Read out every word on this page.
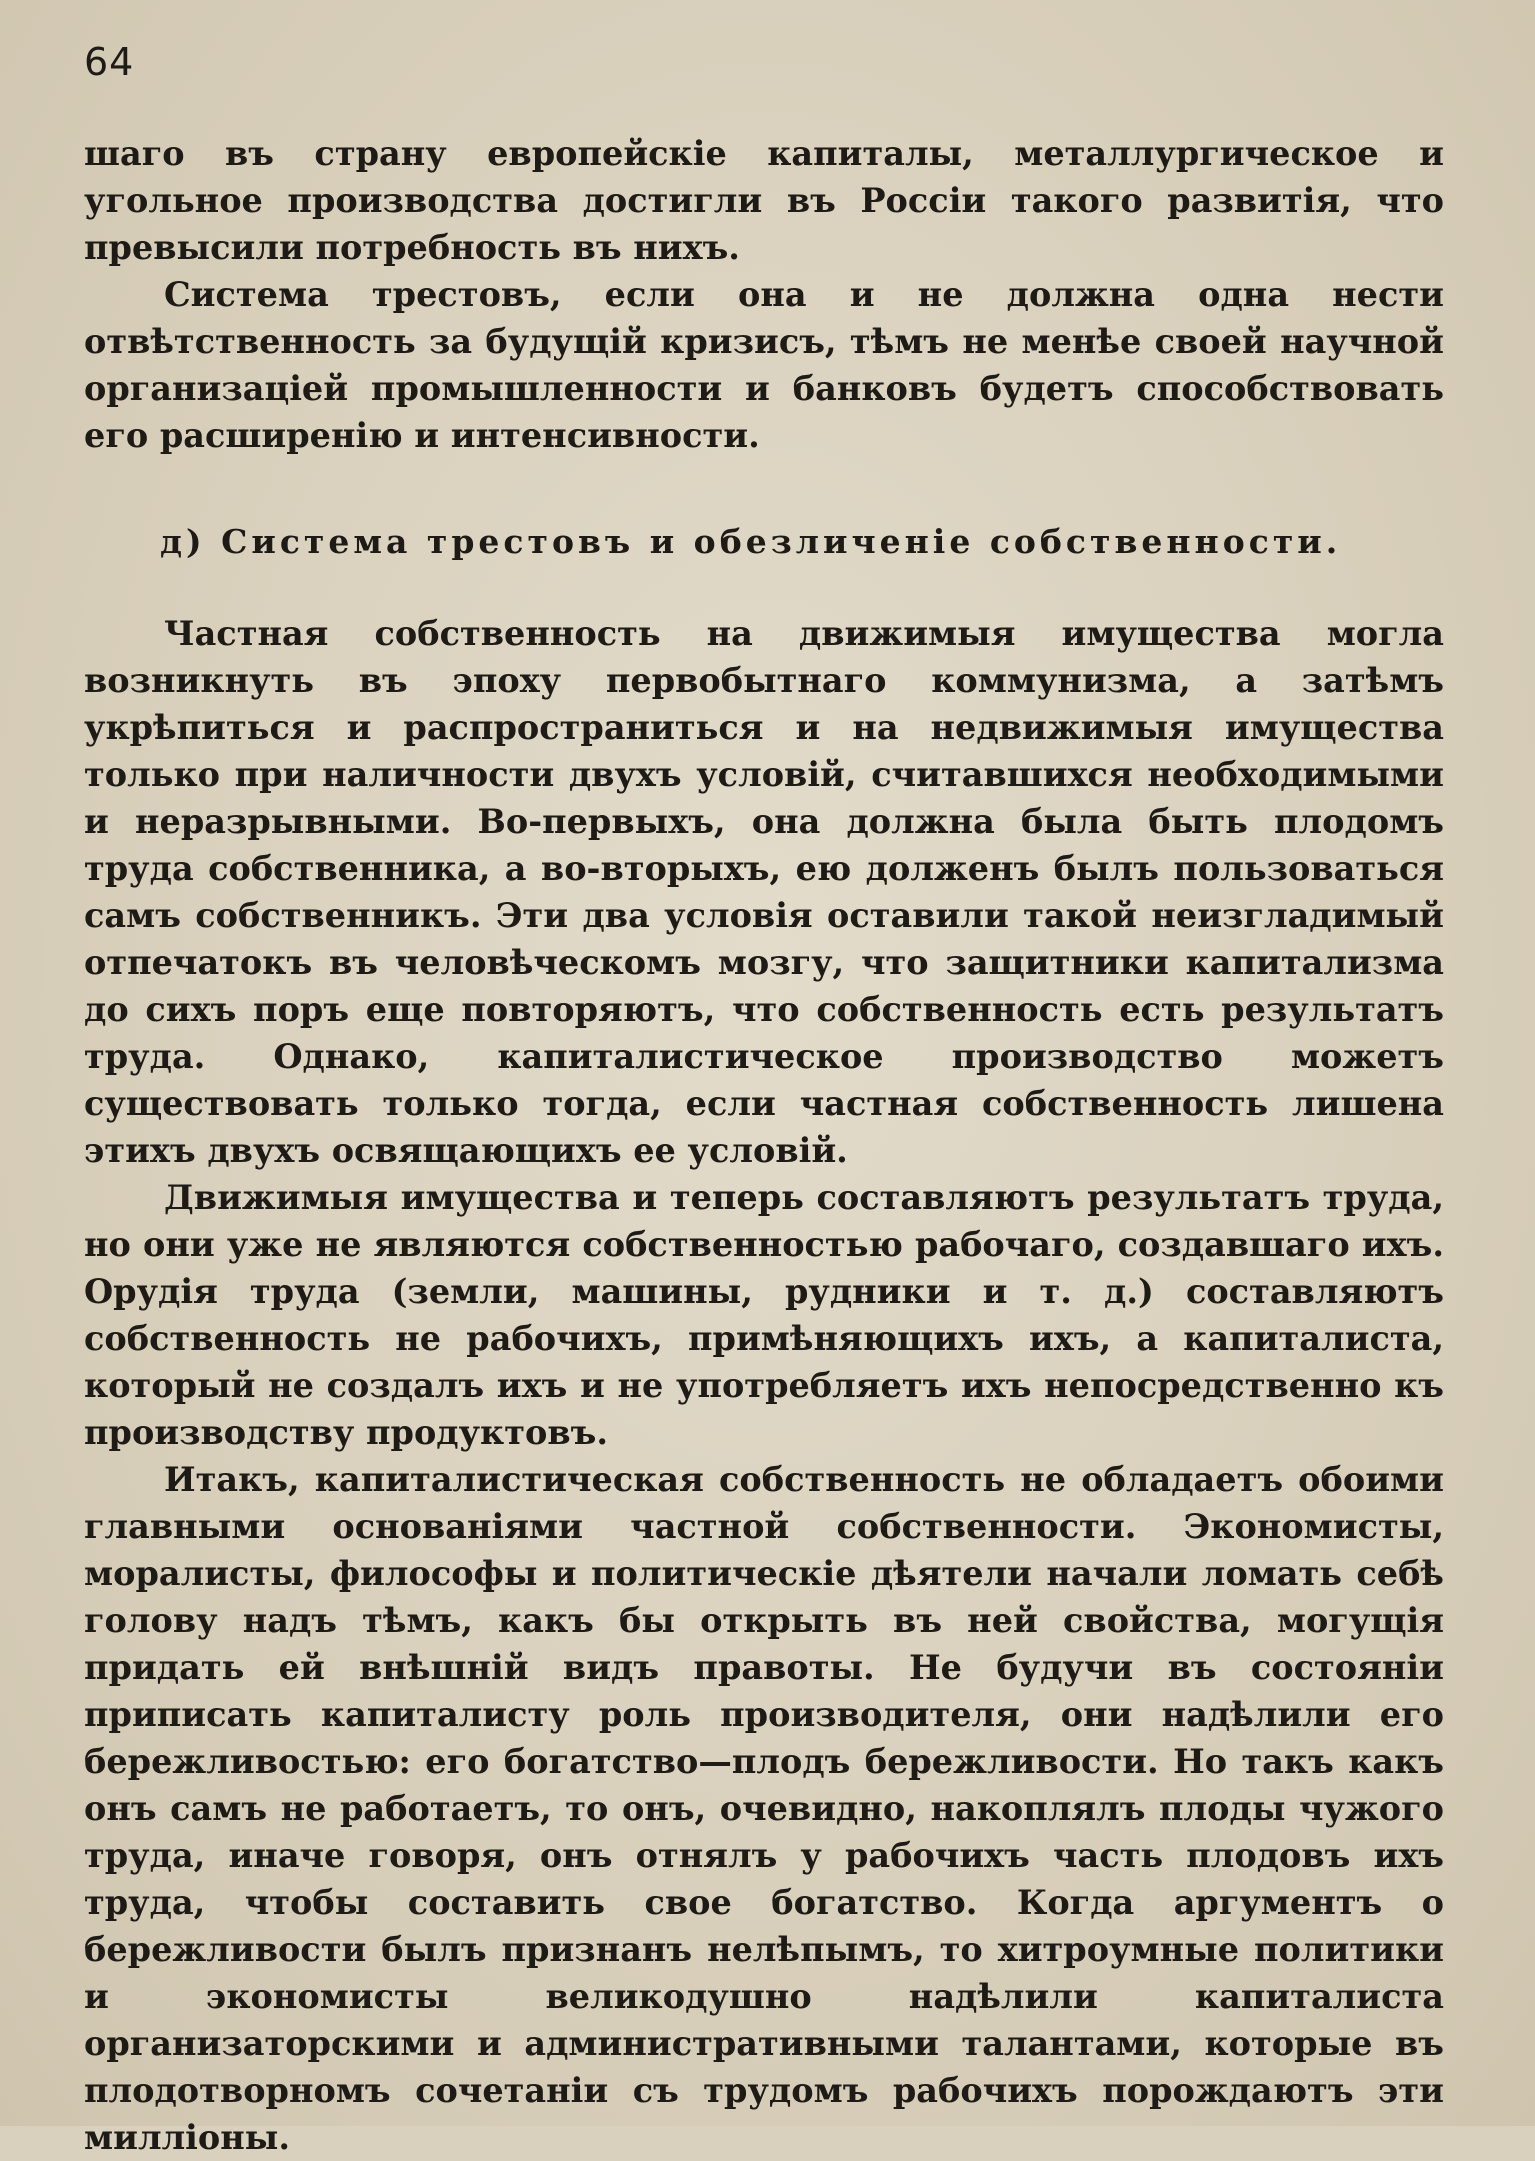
64

шаго въ страну европейскіе капиталы, металлургическое и угольное производства достигли въ Россіи такого развитія, что превысили потребность въ нихъ.

Система трестовъ, если она и не должна одна нести отвѣтственность за будущій кризисъ, тѣмъ не менѣе своей научной организаціей промышленности и банковъ будетъ способствовать его расширенію и интенсивности.

д) Система трестовъ и обезличеніе собственности.

Частная собственность на движимыя имущества могла возникнуть въ эпоху первобытнаго коммунизма, а затѣмъ укрѣпиться и распространиться и на недвижимыя имущества только при наличности двухъ условій, считавшихся необходимыми и неразрывными. Во-первыхъ, она должна была быть плодомъ труда собственника, а во-вторыхъ, ею долженъ былъ пользоваться самъ собственникъ. Эти два условія оставили такой неизгладимый отпечатокъ въ человѣческомъ мозгу, что защитники капитализма до сихъ поръ еще повторяютъ, что собственность есть результатъ труда. Однако, капиталистическое производство можетъ существовать только тогда, если частная собственность лишена этихъ двухъ освящающихъ ее условій.

Движимыя имущества и теперь составляютъ результатъ труда, но они уже не являются собственностью рабочаго, создавшаго ихъ. Орудія труда (земли, машины, рудники и т. д.) составляютъ собственность не рабочихъ, примѣняющихъ ихъ, а капиталиста, который не создалъ ихъ и не употребляетъ ихъ непосредственно къ производству продуктовъ.

Итакъ, капиталистическая собственность не обладаетъ обоими главными основаніями частной собственности. Экономисты, моралисты, философы и политическіе дѣятели начали ломать себѣ голову надъ тѣмъ, какъ бы открыть въ ней свойства, могущія придать ей внѣшній видъ правоты. Не будучи въ состояніи приписать капиталисту роль производителя, они надѣлили его бережливостью: его богатство—плодъ бережливости. Но такъ какъ онъ самъ не работаетъ, то онъ, очевидно, накоплялъ плоды чужого труда, иначе говоря, онъ отнялъ у рабочихъ часть плодовъ ихъ труда, чтобы составить свое богатство. Когда аргументъ о бережливости былъ признанъ нелѣпымъ, то хитроумные политики и экономисты великодушно надѣлили капиталиста организаторскими и административными талантами, которые въ плодотворномъ сочетаніи съ трудомъ рабочихъ порождаютъ эти милліоны.
